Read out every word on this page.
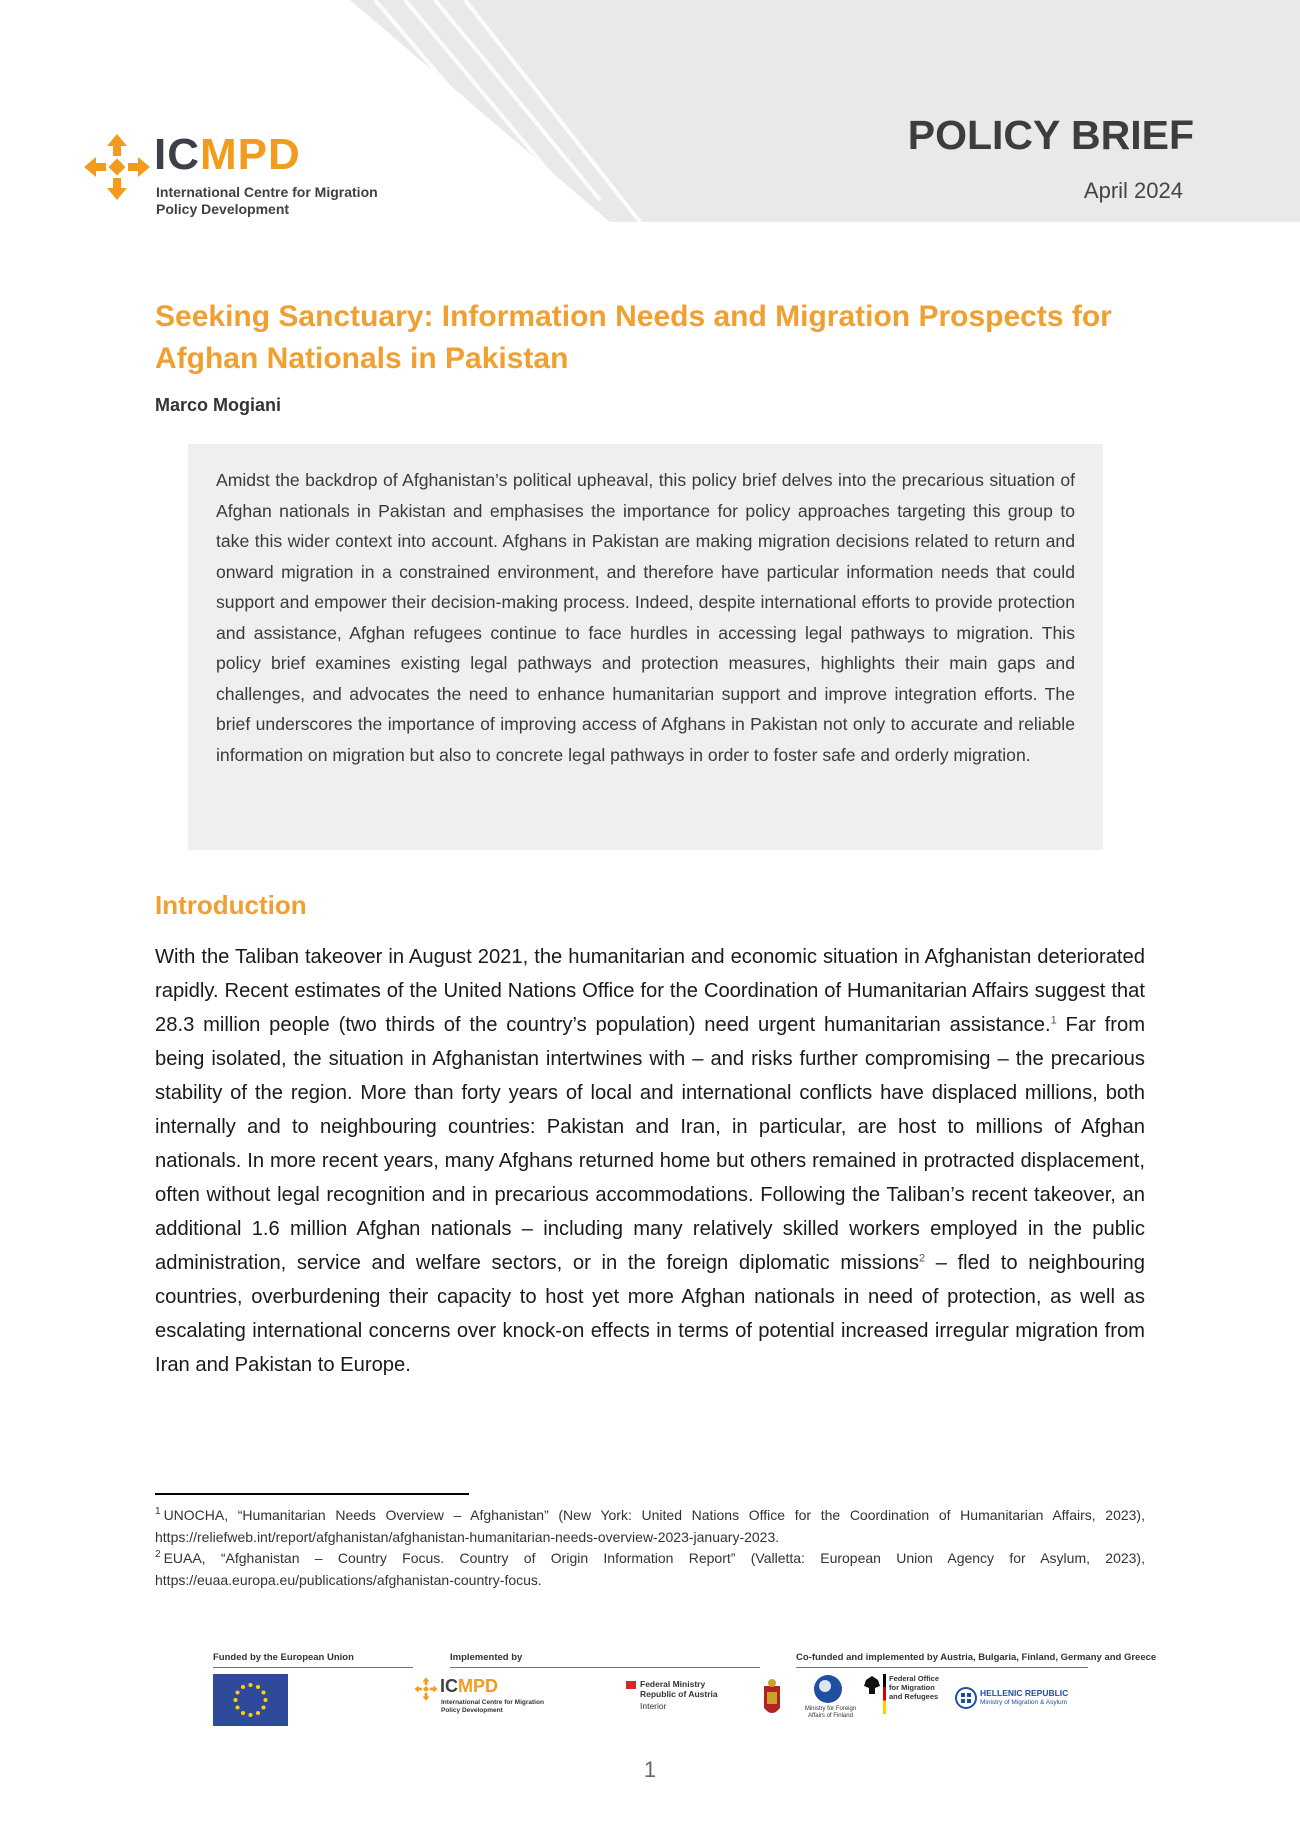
ICMPD
International Centre for Migration Policy Development
POLICY BRIEF
April 2024
Seeking Sanctuary: Information Needs and Migration Prospects for Afghan Nationals in Pakistan
Marco Mogiani
Amidst the backdrop of Afghanistan’s political upheaval, this policy brief delves into the precarious situation of Afghan nationals in Pakistan and emphasises the importance for policy approaches targeting this group to take this wider context into account. Afghans in Pakistan are making migration decisions related to return and onward migration in a constrained environment, and therefore have particular information needs that could support and empower their decision-making process. Indeed, despite international efforts to provide protection and assistance, Afghan refugees continue to face hurdles in accessing legal pathways to migration. This policy brief examines existing legal pathways and protection measures, highlights their main gaps and challenges, and advocates the need to enhance humanitarian support and improve integration efforts. The brief underscores the importance of improving access of Afghans in Pakistan not only to accurate and reliable information on migration but also to concrete legal pathways in order to foster safe and orderly migration.
Introduction

With the Taliban takeover in August 2021, the humanitarian and economic situation in Afghanistan deteriorated rapidly. Recent estimates of the United Nations Office for the Coordination of Humanitarian Affairs suggest that 28.3 million people (two thirds of the country’s population) need urgent humanitarian assistance.$^1$ Far from being isolated, the situation in Afghanistan intertwines with – and risks further compromising – the precarious stability of the region. More than forty years of local and international conflicts have displaced millions, both internally and to neighbouring countries: Pakistan and Iran, in particular, are host to millions of Afghan nationals. In more recent years, many Afghans returned home but others remained in protracted displacement, often without legal recognition and in precarious accommodations. Following the Taliban’s recent takeover, an additional 1.6 million Afghan nationals – including many relatively skilled workers employed in the public administration, service and welfare sectors, or in the foreign diplomatic missions$^2$ – fled to neighbouring countries, overburdening their capacity to host yet more Afghan nationals in need of protection, as well as escalating international concerns over knock-on effects in terms of potential increased irregular migration from Iran and Pakistan to Europe.

$^1$ UNOCHA, “Humanitarian Needs Overview – Afghanistan” (New York: United Nations Office for the Coordination of Humanitarian Affairs, 2023), https://reliefweb.int/report/afghanistan/afghanistan-humanitarian-needs-overview-2023-january-2023.

$^2$ EUAA, “Afghanistan – Country Focus. Country of Origin Information Report” (Valletta: European Union Agency for Asylum, 2023), https://euaa.europa.eu/publications/afghanistan-country-focus.

Funded by the European Union	Implemented by	Co-funded and implemented by Austria, Bulgaria, Finland, Germany and Greece
ICMPD
International Centre for Migration Policy Development
Federal Ministry Republic of Austria
Interior	Ministry for Foreign Affairs of Finland
Federal Office for Migration and Refugees	HELLENIC REPUBLIC
Ministry of Migration & Asylum
1
